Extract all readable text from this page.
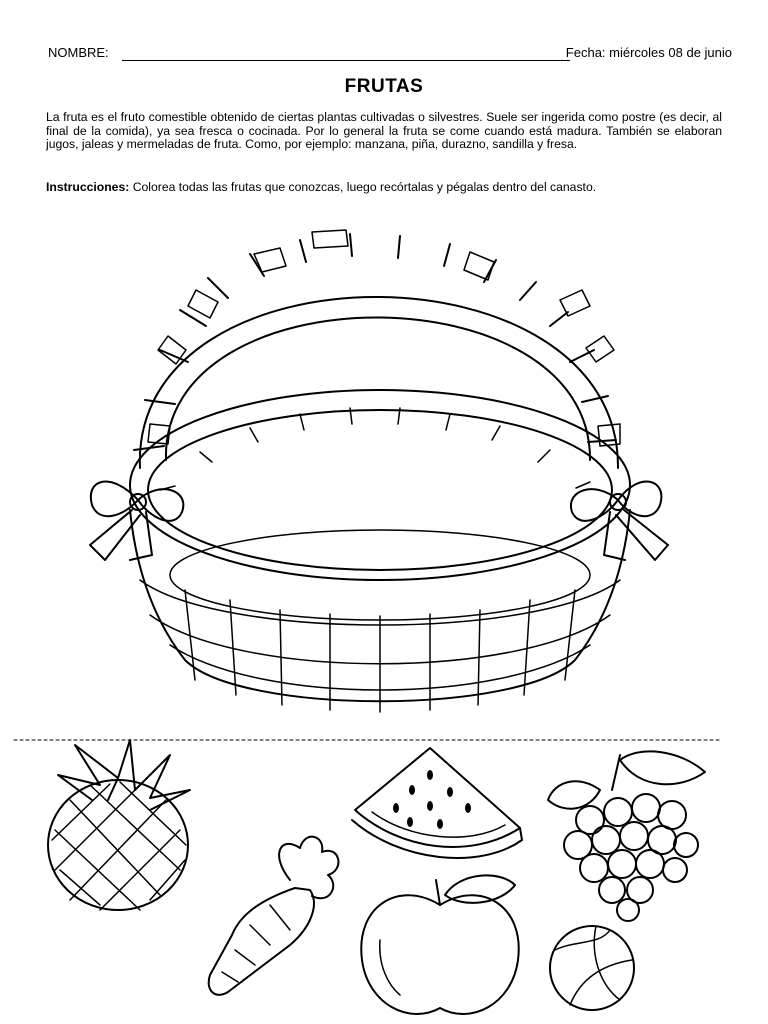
NOMBRE:	Fecha: miércoles 08 de junio
FRUTAS
La fruta es el fruto comestible obtenido de ciertas plantas cultivadas o silvestres. Suele ser ingerida como postre (es decir, al final de la comida), ya sea fresca o cocinada. Por lo general la fruta se come cuando está madura. También se elaboran jugos, jaleas y mermeladas de fruta. Como, por ejemplo: manzana, piña, durazno, sandilla y fresa.
Instrucciones: Colorea todas las frutas que conozcas, luego recórtalas y pégalas dentro del canasto.
